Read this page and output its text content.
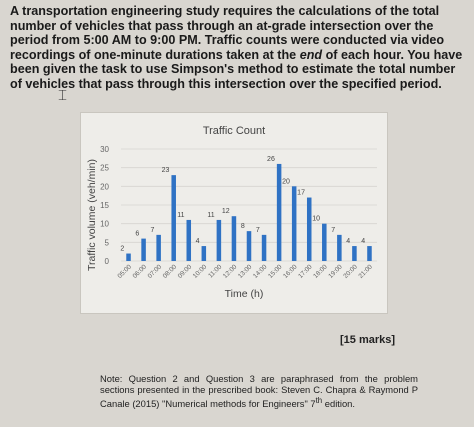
A transportation engineering study requires the calculations of the total number of vehicles that pass through an at-grade intersection over the period from 5:00 AM to 9:00 PM. Traffic counts were conducted via video recordings of one-minute durations taken at the end of each hour. You have been given the task to use Simpson's method to estimate the total number of vehicles that pass through this intersection over the specified period.
⌶
Traffic Count
2
6
7
23
11
4
11
12
8
7
26
20
17
10
7
4 4
0
5
10
15
20
25
30
05:00
06:00
07:00
08:00
09:00
10:00
11:00
12:00
13:00
14:00
15:00
16:00
17:00
18:00
19:00
20:00
21:00
Traffic volume (veh/min)
Time (h)
[15 marks]
Note: Question 2 and Question 3 are paraphrased from the problem sections presented in the prescribed book: Steven C. Chapra & Raymond P Canale (2015) "Numerical methods for Engineers" 7th edition.
